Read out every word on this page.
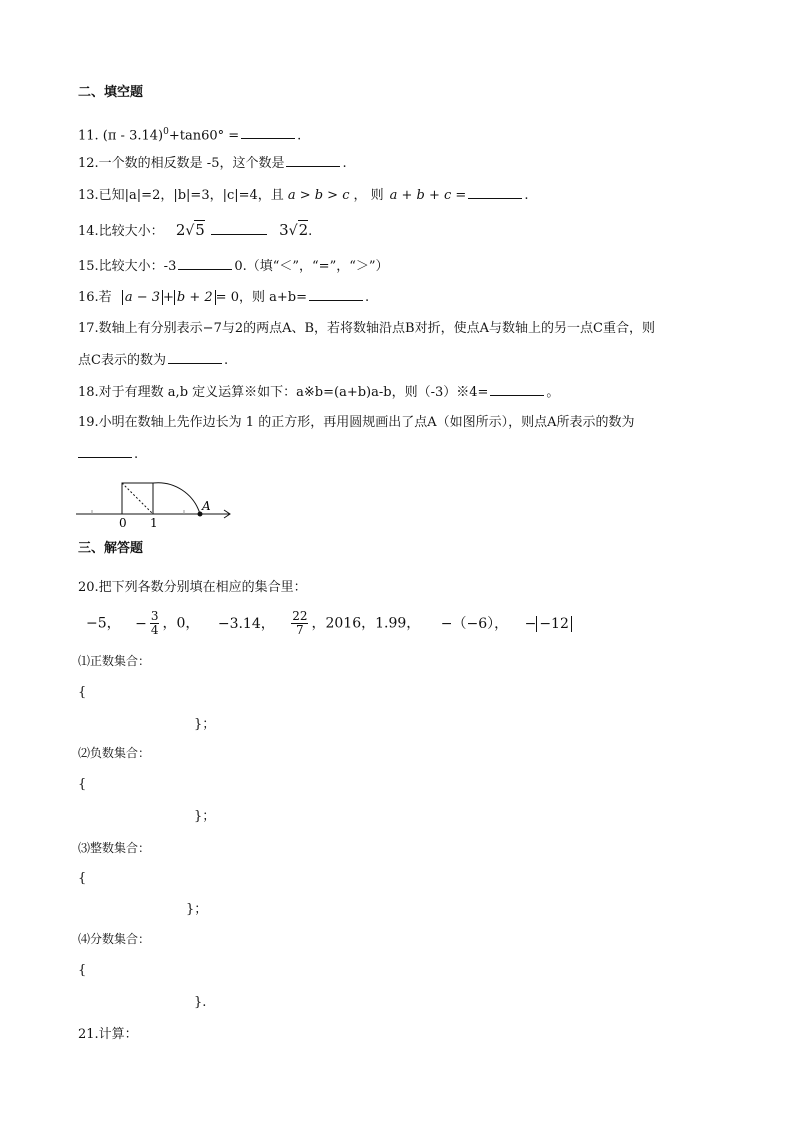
二、填空题
11. (π - 3.14)$^0$+tan60° =	.
12.一个数的相反数是 -5，这个数是	.
13.已知|a|=2，|b|=3，|c|=4，且 a > b > c ， 则 a + b + c =	.
14.比较大小： 2√5	3√2.
15.比较大小：-3	0.（填“＜”，“=”，“＞”）
16.若 a − 3 + b + 2 = 0，则 a+b=	.
17.数轴上有分别表示−7与2的两点A、B，若将数轴沿点B对折，使点A与数轴上的另一点C重合，则
点C表示的数为	.
18.对于有理数 a,b 定义运算※如下：a※b=(a+b)a-b，则（-3）※4=	。
19.小明在数轴上先作边长为 1 的正方形，再用圆规画出了点A（如图所示），则点A所表示的数为
.
0 1
A
三、解答题
20.把下列各数分别填在相应的集合里：
−5， − $\frac{3}{4}$ ，0， −3.14， $\frac{22}{7}$ ，2016，1.99， −（−6）， − −12
⑴正数集合：
{
}；
⑵负数集合：
{
}；
⑶整数集合：
{
}；
⑷分数集合：
{
}.
21.计算：
